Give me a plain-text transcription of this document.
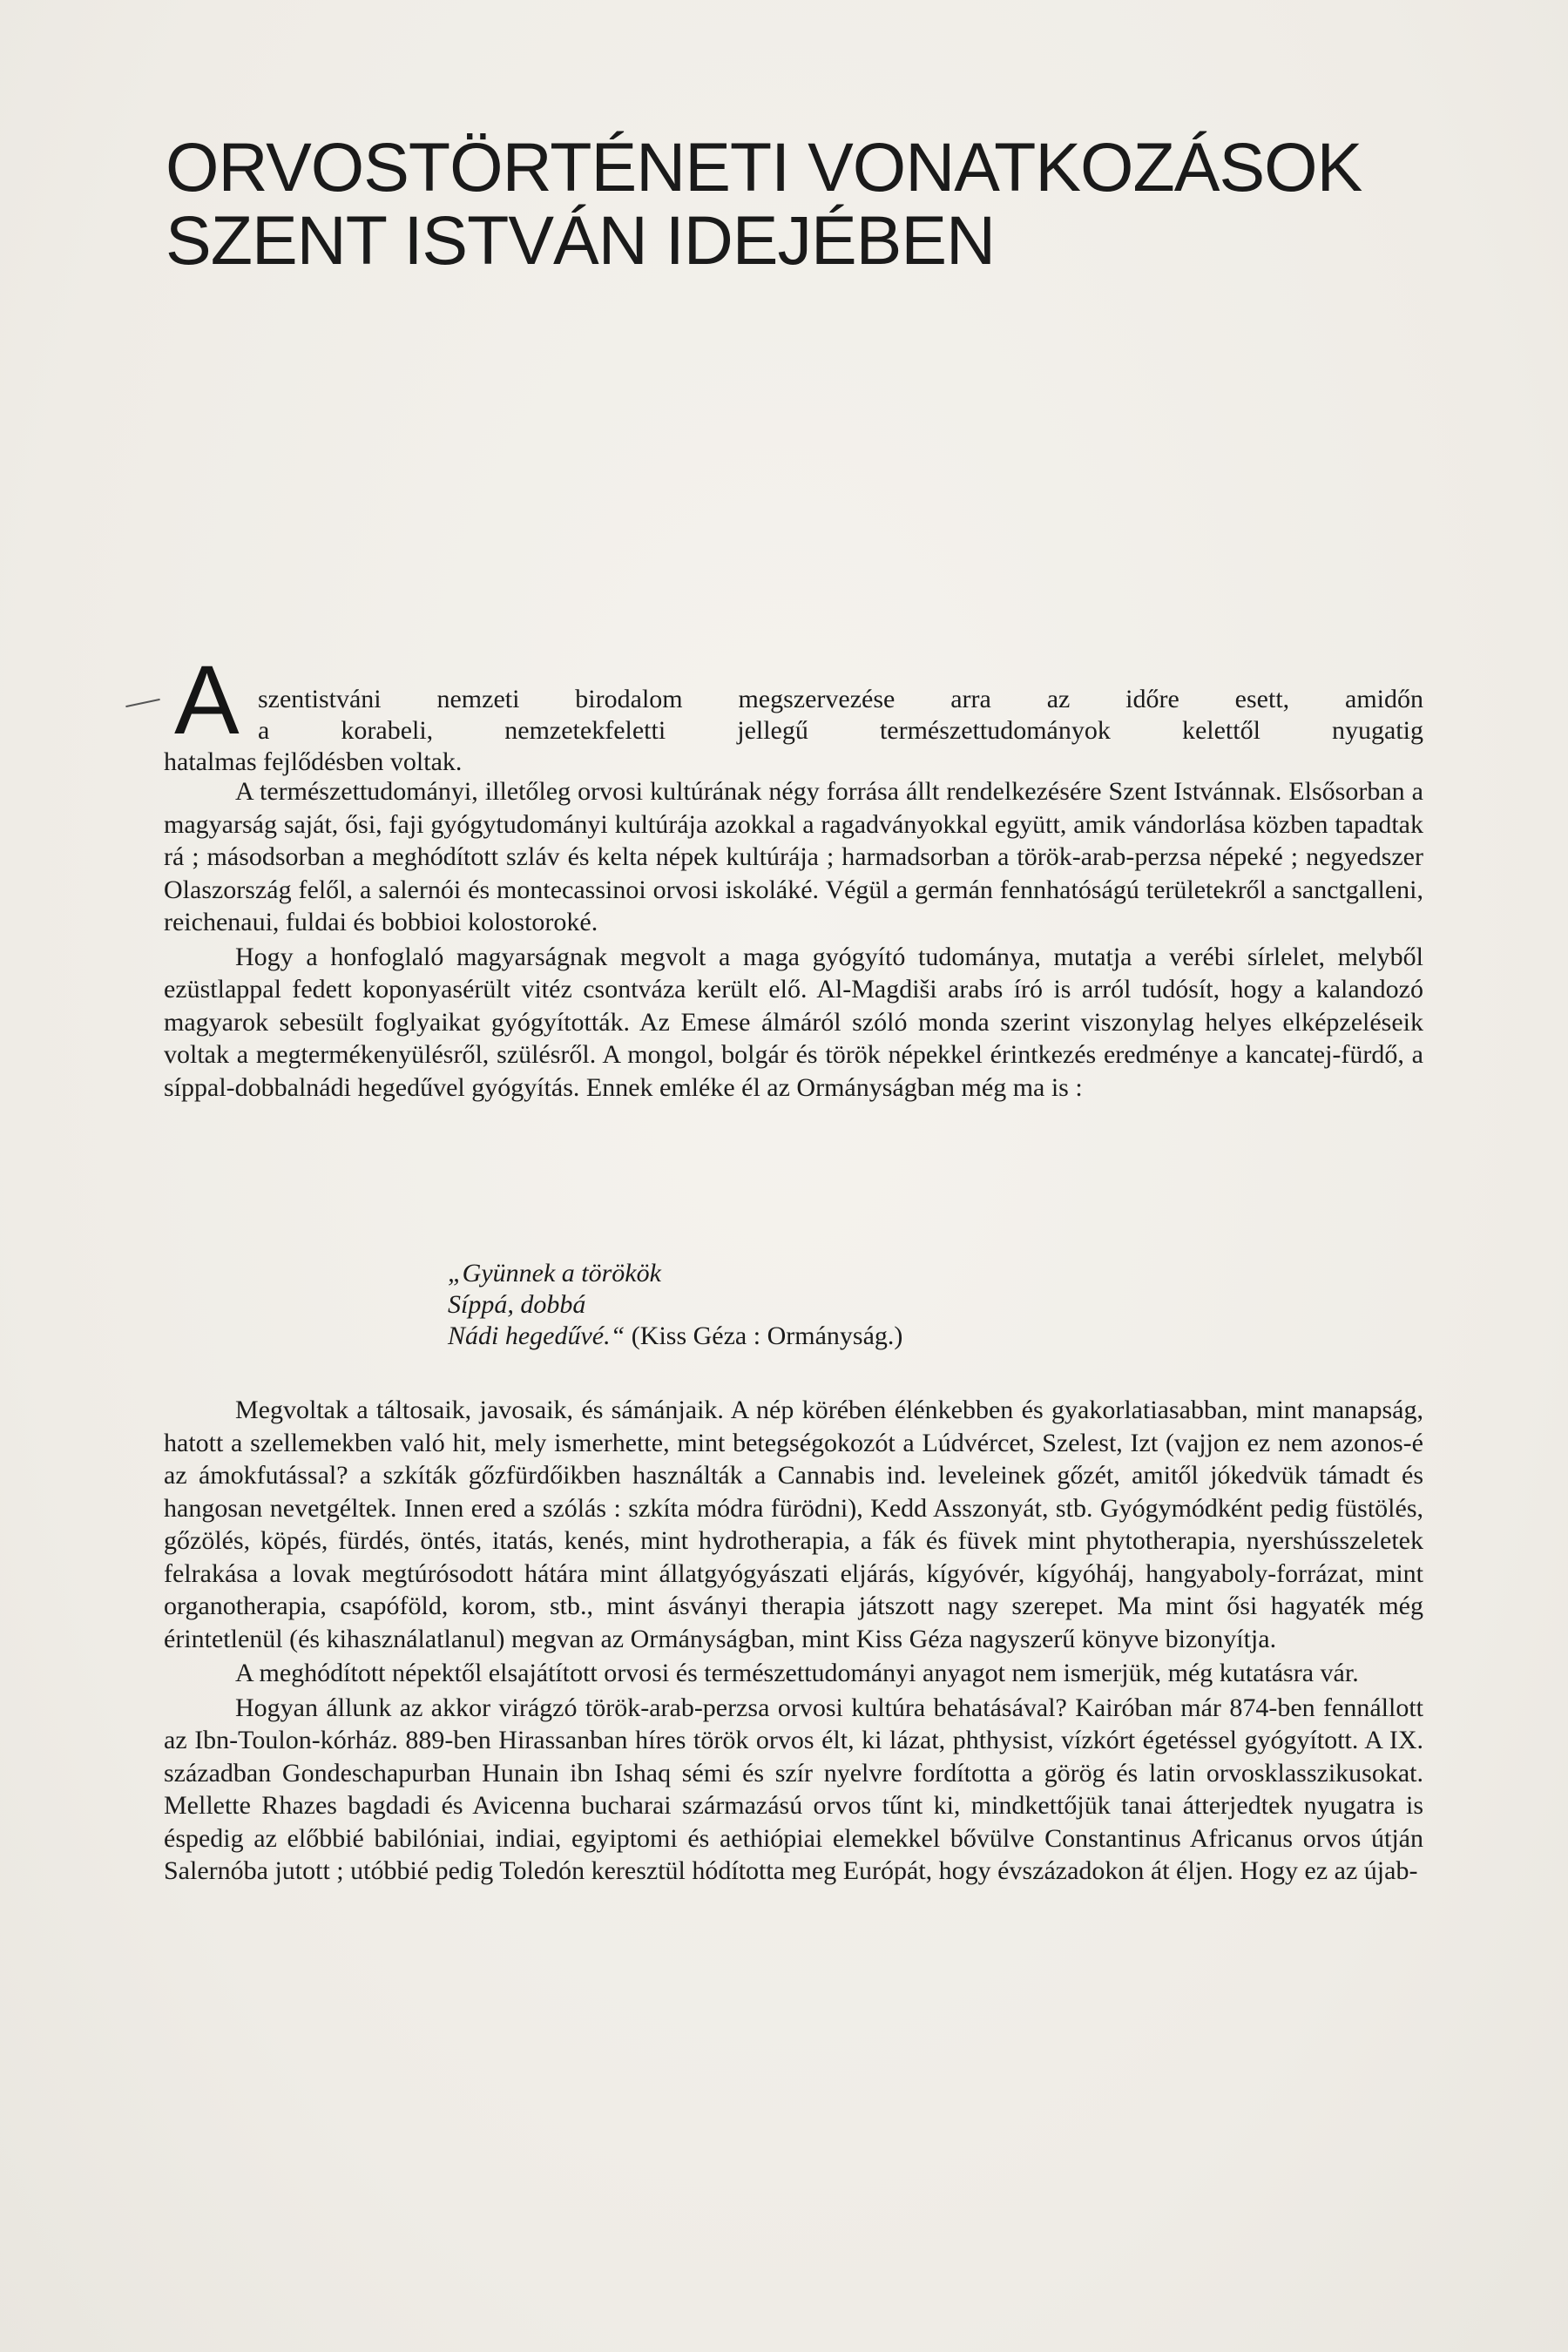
ORVOSTÖRTÉNETI VONATKOZÁSOK
SZENT ISTVÁN IDEJÉBEN
A szentistváni nemzeti birodalom megszervezése arra az időre esett, amidőn
a korabeli, nemzetekfeletti jellegű természettudományok kelettől nyugatig
hatalmas fejlődésben voltak.

A természettudományi, illetőleg orvosi kultúrának négy forrása állt rendelkezésére Szent Istvánnak. Elsősorban a magyarság saját, ősi, faji gyógytudományi kultúrája azokkal a ragadványokkal együtt, amik vándorlása közben tapadtak rá ; másodsorban a meghódított szláv és kelta népek kultúrája ; harmadsorban a török-arab-perzsa népeké ; negyedszer Olaszország felől, a salernói és montecassinoi orvosi iskoláké. Végül a germán fennhatóságú területekről a sanctgalleni, reichenaui, fuldai és bobbioi kolostoroké.

Hogy a honfoglaló magyarságnak megvolt a maga gyógyító tudománya, mutatja a verébi sírlelet, melyből ezüstlappal fedett koponyasérült vitéz csontváza került elő. Al-Magdiši arabs író is arról tudósít, hogy a kalandozó magyarok sebesült foglyaikat gyógyították. Az Emese álmáról szóló monda szerint viszonylag helyes elképzeléseik voltak a megtermékenyülésről, szülésről. A mongol, bolgár és török népekkel érintkezés eredménye a kancatej-fürdő, a síppal-dobbalnádi hegedűvel gyógyítás. Ennek emléke él az Ormányságban még ma is :

„Gyünnek a törökök
Síppá, dobbá
Nádi hegedűvé.“ (Kiss Géza : Ormányság.)

Megvoltak a táltosaik, javosaik, és sámánjaik. A nép körében élénkebben és gyakorlatiasabban, mint manapság, hatott a szellemekben való hit, mely ismerhette, mint betegségokozót a Lúdvércet, Szelest, Izt (vajjon ez nem azonos-é az ámokfutással? a szkíták gőzfürdőikben használták a Cannabis ind. leveleinek gőzét, amitől jókedvük támadt és hangosan nevetgéltek. Innen ered a szólás : szkíta módra fürödni), Kedd Asszonyát, stb. Gyógymódként pedig füstölés, gőzölés, köpés, fürdés, öntés, itatás, kenés, mint hydrotherapia, a fák és füvek mint phytotherapia, nyershússzeletek felrakása a lovak megtúrósodott hátára mint állatgyógyászati eljárás, kígyóvér, kígyóháj, hangyaboly-forrázat, mint organotherapia, csapóföld, korom, stb., mint ásványi therapia játszott nagy szerepet. Ma mint ősi hagyaték még érintetlenül (és kihasználatlanul) megvan az Ormányságban, mint Kiss Géza nagyszerű könyve bizonyítja.

A meghódított népektől elsajátított orvosi és természettudományi anyagot nem ismerjük, még kutatásra vár.

Hogyan állunk az akkor virágzó török-arab-perzsa orvosi kultúra behatásával? Kairóban már 874-ben fennállott az Ibn-Toulon-kórház. 889-ben Hirassanban híres török orvos élt, ki lázat, phthysist, vízkórt égetéssel gyógyított. A IX. században Gondeschapurban Hunain ibn Ishaq sémi és szír nyelvre fordította a görög és latin orvosklasszikusokat. Mellette Rhazes bagdadi és Avicenna bucharai származású orvos tűnt ki, mindkettőjük tanai átterjedtek nyugatra is éspedig az előbbié babilóniai, indiai, egyiptomi és aethiópiai elemekkel bővülve Constantinus Africanus orvos útján Salernóba jutott ; utóbbié pedig Toledón keresztül hódította meg Európát, hogy évszázadokon át éljen. Hogy ez az újab-
